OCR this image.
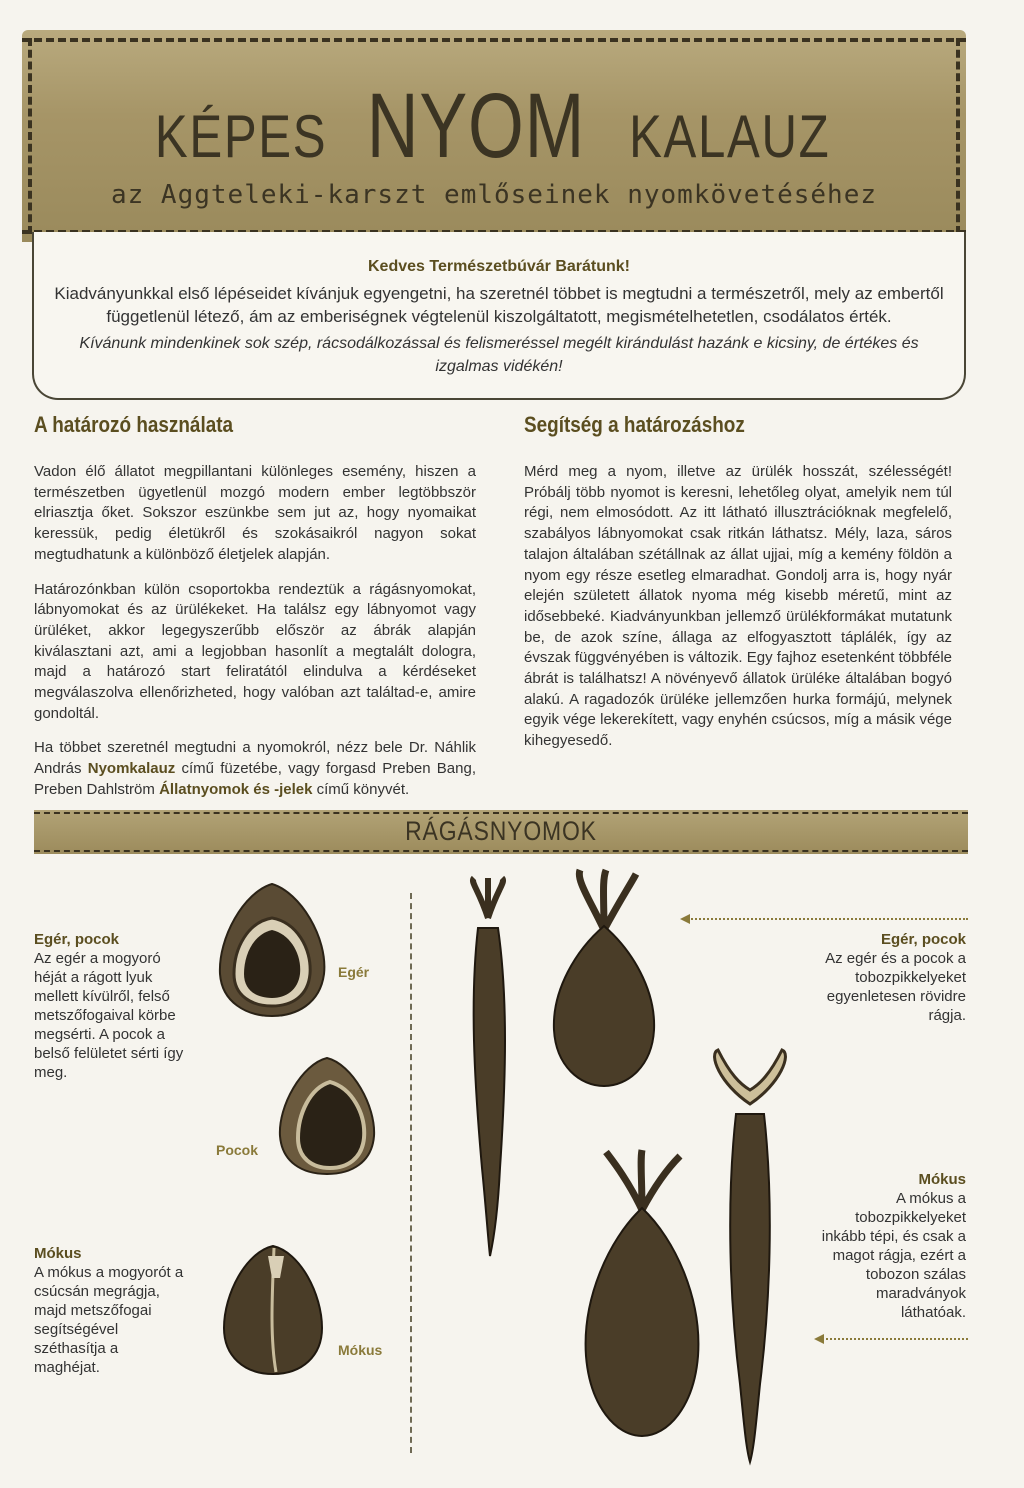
KÉPES NYOM KALAUZ
az Aggteleki-karszt emlőseinek nyomkövetéséhez
Kedves Természetbúvár Barátunk!
Kiadványunkkal első lépéseidet kívánjuk egyengetni, ha szeretnél többet is megtudni a természetről, mely az embertől függetlenül létező, ám az emberiségnek végtelenül kiszolgáltatott, megismételhetetlen, csodálatos érték.
Kívánunk mindenkinek sok szép, rácsodálkozással és felismeréssel megélt kirándulást hazánk e kicsiny, de értékes és izgalmas vidékén!
A határozó használata

Vadon élő állatot megpillantani különleges esemény, hiszen a természetben ügyetlenül mozgó modern ember legtöbbször elriasztja őket. Sokszor eszünkbe sem jut az, hogy nyomaikat keressük, pedig életükről és szokásaikról nagyon sokat megtudhatunk a különböző életjelek alapján.

Határozónkban külön csoportokba rendeztük a rágásnyomokat, lábnyomokat és az ürülékeket. Ha találsz egy lábnyomot vagy ürüléket, akkor legegyszerűbb először az ábrák alapján kiválasztani azt, ami a legjobban hasonlít a megtalált dologra, majd a határozó start feliratától elindulva a kérdéseket megválaszolva ellenőrizheted, hogy valóban azt találtad-e, amire gondoltál.

Ha többet szeretnél megtudni a nyomokról, nézz bele Dr. Náhlik András Nyomkalauz című füzetébe, vagy forgasd Preben Bang, Preben Dahlström Állatnyomok és -jelek című könyvét.

Segítség a határozáshoz

Mérd meg a nyom, illetve az ürülék hosszát, szélességét! Próbálj több nyomot is keresni, lehetőleg olyat, amelyik nem túl régi, nem elmosódott. Az itt látható illusztrációknak megfelelő, szabályos lábnyomokat csak ritkán láthatsz. Mély, laza, sáros talajon általában szétállnak az állat ujjai, míg a kemény földön a nyom egy része esetleg elmaradhat. Gondolj arra is, hogy nyár elején született állatok nyoma még kisebb méretű, mint az idősebbeké. Kiadványunkban jellemző ürülékformákat mutatunk be, de azok színe, állaga az elfogyasztott táplálék, így az évszak függvényében is változik. Egy fajhoz esetenként többféle ábrát is találhatsz! A növényevő állatok ürüléke általában bogyó alakú. A ragadozók ürüléke jellemzően hurka formájú, melynek egyik vége lekerekített, vagy enyhén csúcsos, míg a másik vége kihegyesedő.

RÁGÁSNYOMOK
Egér, pocok
Az egér a mogyoró héját a rágott lyuk mellett kívülről, felső metszőfogaival körbe megsérti. A pocok a belső felületet sérti így meg.
Mókus
A mókus a mogyorót a csúcsán megrágja, majd metszőfogai segítségével széthasítja a maghéjat.
Egér
Pocok
Mókus
Egér, pocok
Az egér és a pocok a tobozpikkelyeket egyenletesen rövidre rágja.
Mókus
A mókus a tobozpikkelyeket inkább tépi, és csak a magot rágja, ezért a tobozon szálas maradványok láthatóak.
